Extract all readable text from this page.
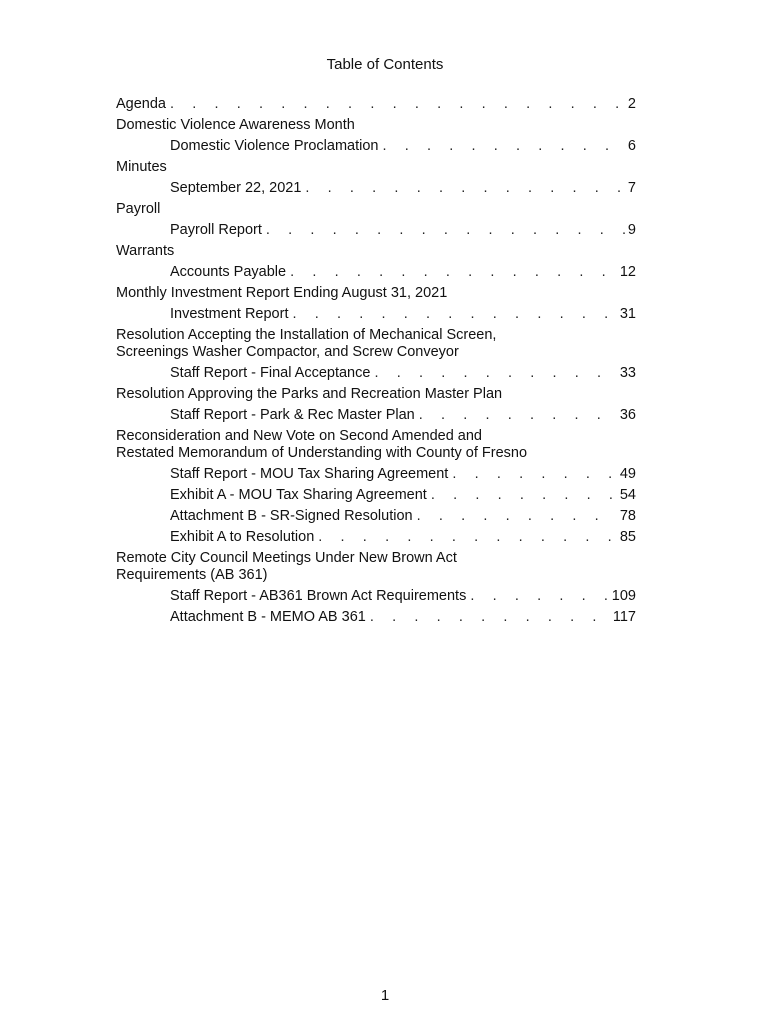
Table of Contents
Agenda . . .	2
Domestic Violence Awareness Month
Domestic Violence Proclamation . . .	6
Minutes
September 22, 2021 . . .	7
Payroll
Payroll Report . . .	9
Warrants
Accounts Payable . . .	12
Monthly Investment Report Ending August 31, 2021
Investment Report . . .	31
Resolution Accepting the Installation of Mechanical Screen, Screenings Washer Compactor, and Screw Conveyor
Staff Report - Final Acceptance . . .	33
Resolution Approving the Parks and Recreation Master Plan
Staff Report - Park & Rec Master Plan . . .	36
Reconsideration and New Vote on Second Amended and Restated Memorandum of Understanding with County of Fresno
Staff Report - MOU Tax Sharing Agreement . . .	49
Exhibit A - MOU Tax Sharing Agreement . . .	54
Attachment B - SR-Signed Resolution . . .	78
Exhibit A to Resolution . . .	85
Remote City Council Meetings Under New Brown Act Requirements (AB 361)
Staff Report - AB361 Brown Act Requirements . . .	109
Attachment B - MEMO AB 361 . . .	117
1
